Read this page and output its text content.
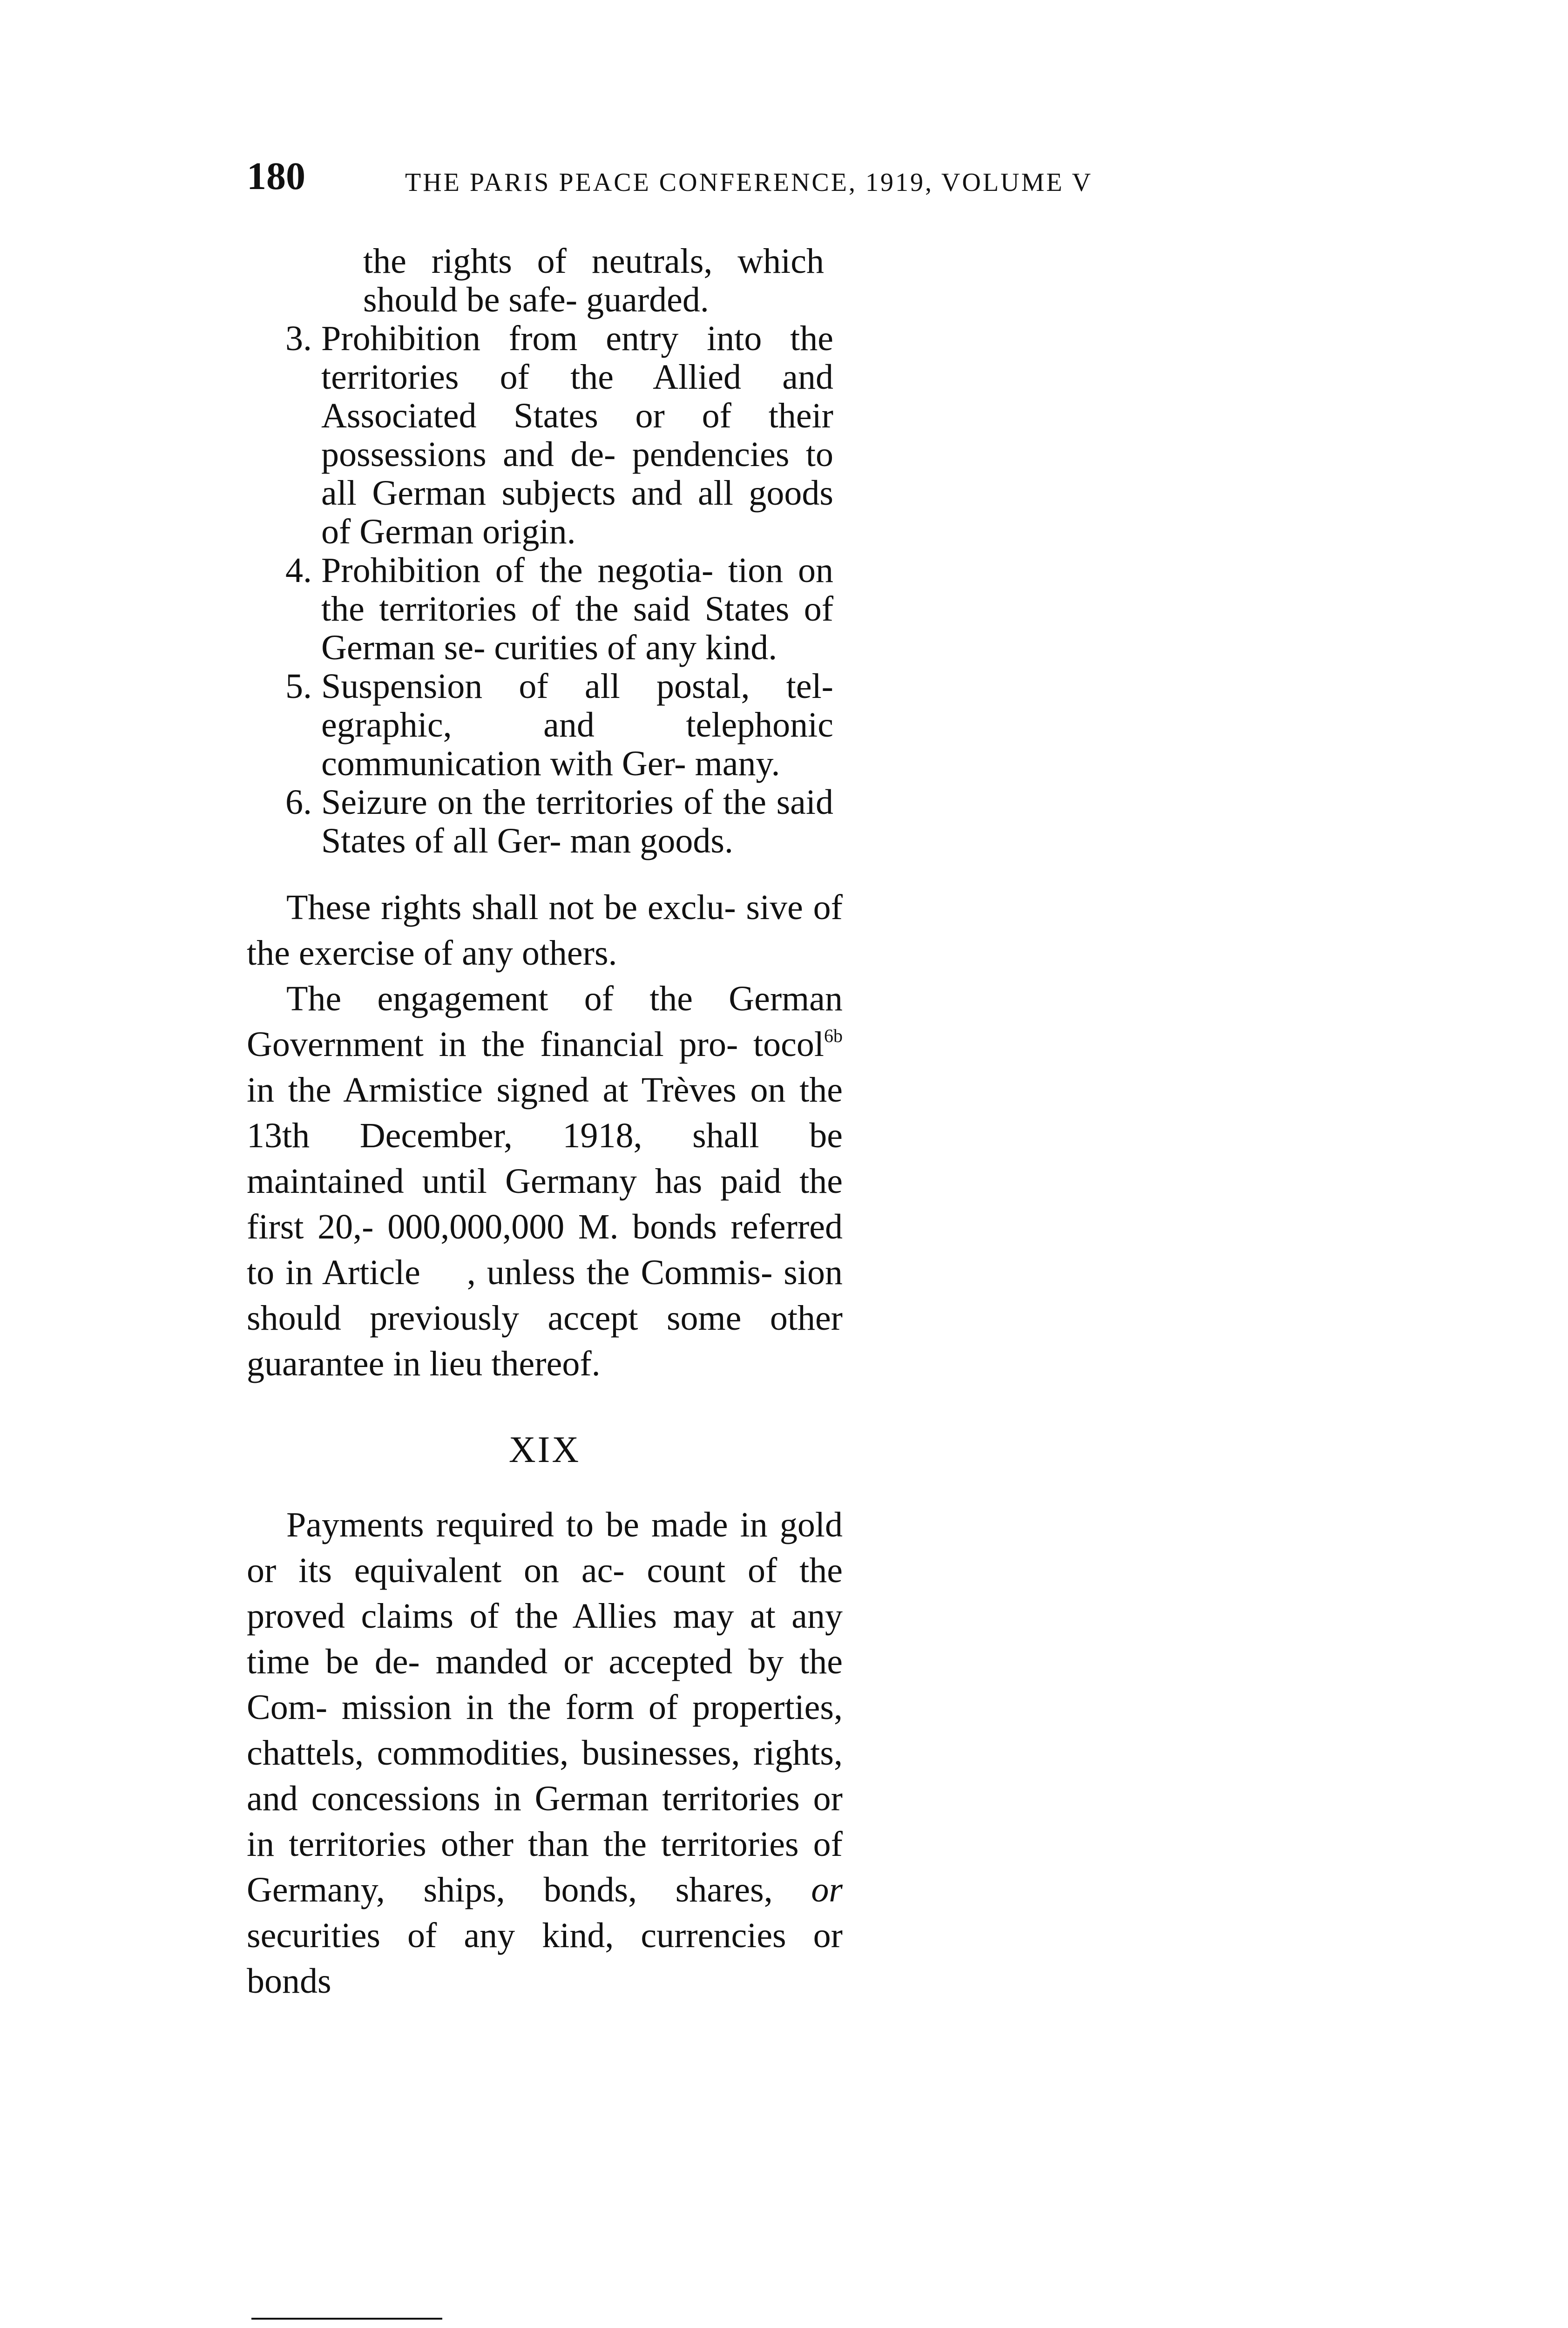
180	THE PARIS PEACE CONFERENCE, 1919, VOLUME V
the rights of neutrals, which should be safe- guarded.
3. Prohibition from entry into the territories of the Allied and Associated States or of their possessions and de- pendencies to all German subjects and all goods of German origin.
4. Prohibition of the negotia- tion on the territories of the said States of German se- curities of any kind.
5. Suspension of all postal, tel- egraphic, and telephonic communication with Ger- many.
6. Seizure on the territories of the said States of all Ger- man goods.

These rights shall not be exclu- sive of the exercise of any others.

The engagement of the German Government in the financial pro- tocol$^{6b}$ in the Armistice signed at Trèves on the 13th December, 1918, shall be maintained until Germany has paid the first 20,- 000,000,000 M. bonds referred to in Article , unless the Commis- sion should previously accept some other guarantee in lieu thereof.

XIX

Payments required to be made in gold or its equivalent on ac- count of the proved claims of the Allies may at any time be de- manded or accepted by the Com- mission in the form of properties, chattels, commodities, businesses, rights, and concessions in German territories or in territories other than the territories of Germany, ships, bonds, shares, or securities of any kind, currencies or bonds
